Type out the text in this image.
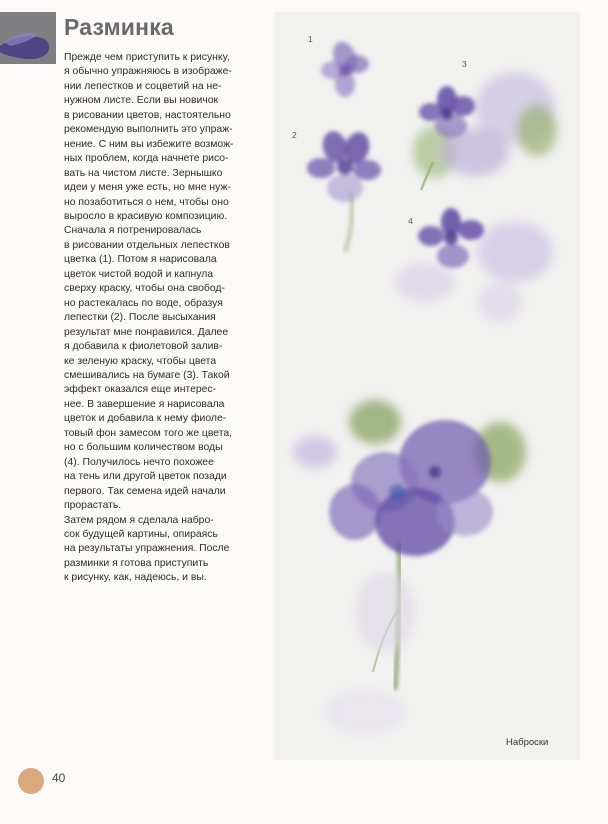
Разминка

Прежде чем приступить к рисунку,
я обычно упражняюсь в изображе-
нии лепестков и соцветий на не-
нужном листе. Если вы новичок
в рисовании цветов, настоятельно
рекомендую выполнить это упраж-
нение. С ним вы избежите возмож-
ных проблем, когда начнете рисо-
вать на чистом листе. Зернышко
идеи у меня уже есть, но мне нуж-
но позаботиться о нем, чтобы оно
выросло в красивую композицию.

Сначала я потренировалась
в рисовании отдельных лепестков
цветка (1). Потом я нарисовала
цветок чистой водой и капнула
сверху краску, чтобы она свобод-
но растекалась по воде, образуя
лепестки (2). После высыхания
результат мне понравился. Далее
я добавила к фиолетовой залив-
ке зеленую краску, чтобы цвета
смешивались на бумаге (3). Такой
эффект оказался еще интерес-
нее. В завершение я нарисовала
цветок и добавила к нему фиоле-
товый фон замесом того же цвета,
но с большим количеством воды
(4). Получилось нечто похожее
на тень или другой цветок позади
первого. Так семена идей начали
прорастать.

Затем рядом я сделала набро-
сок будущей картины, опираясь
на результаты упражнения. После
разминки я готова приступить
к рисунку, как, надеюсь, и вы.

1
2
3
4
Наброски
40
